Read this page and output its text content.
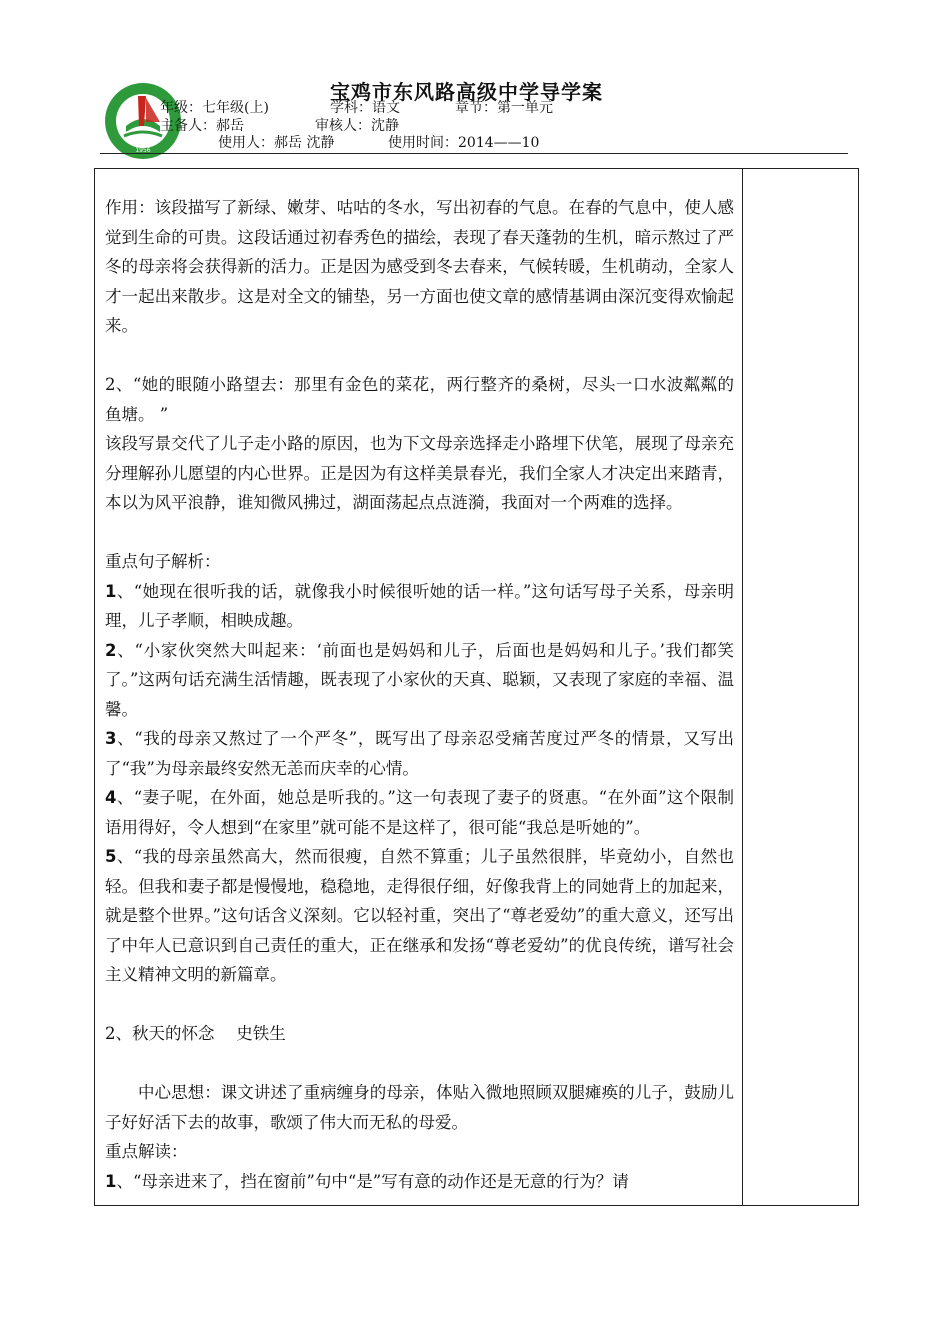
1956
宝鸡市东风路高级中学导学案
年级：七年级(上)	学科：语文	章节：第一单元
主备人：郝岳	审核人：沈静
使用人：郝岳 沈静	使用时间：2014——10

作用：该段描写了新绿、嫩芽、咕咕的冬水，写出初春的气息。在春的气息中，使人感觉到生命的可贵。这段话通过初春秀色的描绘，表现了春天蓬勃的生机，暗示熬过了严冬的母亲将会获得新的活力。正是因为感受到冬去春来，气候转暖，生机萌动，全家人才一起出来散步。这是对全文的铺垫，另一方面也使文章的感情基调由深沉变得欢愉起来。

2、“她的眼随小路望去：那里有金色的菜花，两行整齐的桑树，尽头一口水波粼粼的鱼塘。 ”

该段写景交代了儿子走小路的原因，也为下文母亲选择走小路埋下伏笔，展现了母亲充分理解孙儿愿望的内心世界。正是因为有这样美景春光，我们全家人才决定出来踏青，本以为风平浪静，谁知微风拂过，湖面荡起点点涟漪，我面对一个两难的选择。

重点句子解析：

1、“她现在很听我的话，就像我小时候很听她的话一样。”这句话写母子关系，母亲明理，儿子孝顺，相映成趣。

2、“小家伙突然大叫起来：‘前面也是妈妈和儿子，后面也是妈妈和儿子。’我们都笑了。”这两句话充满生活情趣，既表现了小家伙的天真、聪颖，又表现了家庭的幸福、温馨。

3、“我的母亲又熬过了一个严冬”，既写出了母亲忍受痛苦度过严冬的情景，又写出了“我”为母亲最终安然无恙而庆幸的心情。

4、“妻子呢，在外面，她总是听我的。”这一句表现了妻子的贤惠。“在外面”这个限制语用得好，令人想到“在家里”就可能不是这样了，很可能“我总是听她的”。

5、“我的母亲虽然高大，然而很瘦，自然不算重；儿子虽然很胖，毕竟幼小，自然也轻。但我和妻子都是慢慢地，稳稳地，走得很仔细，好像我背上的同她背上的加起来，就是整个世界。”这句话含义深刻。它以轻衬重，突出了“尊老爱幼”的重大意义，还写出了中年人已意识到自己责任的重大，正在继承和发扬“尊老爱幼”的优良传统，谱写社会主义精神文明的新篇章。

2、秋天的怀念　 史铁生

中心思想：课文讲述了重病缠身的母亲，体贴入微地照顾双腿瘫痪的儿子，鼓励儿子好好活下去的故事，歌颂了伟大而无私的母爱。

重点解读：

1、“母亲进来了，挡在窗前”句中“是”写有意的动作还是无意的行为？请
